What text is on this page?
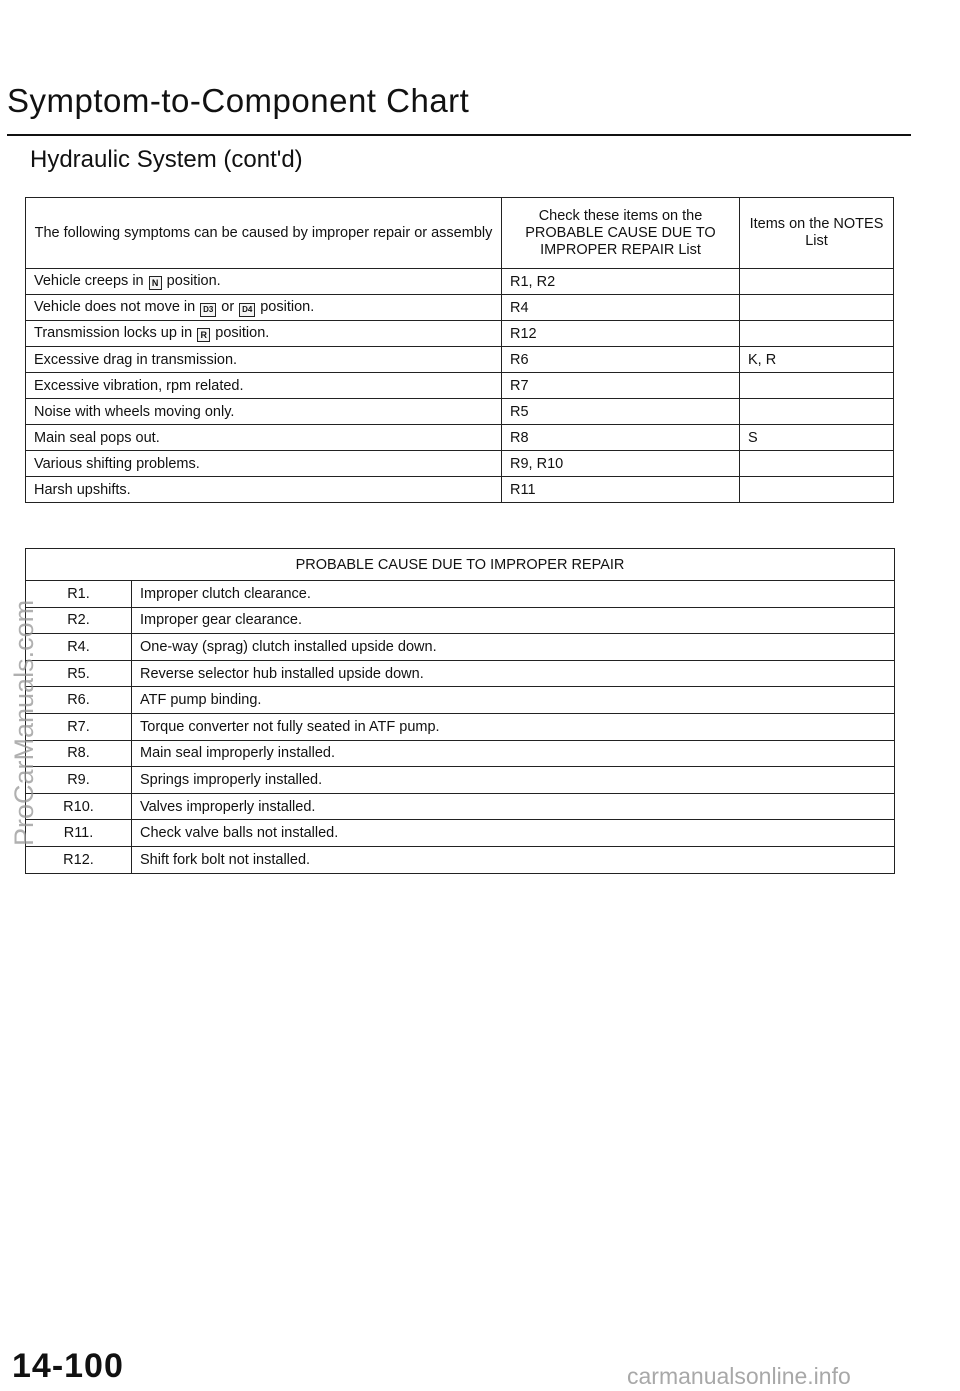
Symptom-to-Component Chart
Hydraulic System (cont'd)
The following symptoms can be caused by improper repair or assembly	Check these items on the PROBABLE CAUSE DUE TO IMPROPER REPAIR List	Items on the NOTES List
Vehicle creeps in N position.	R1, R2	
Vehicle does not move in D3 or D4 position.	R4	
Transmission locks up in R position.	R12	
Excessive drag in transmission.	R6	K, R
Excessive vibration, rpm related.	R7	
Noise with wheels moving only.	R5	
Main seal pops out.	R8	S
Various shifting problems.	R9, R10	
Harsh upshifts.	R11	
PROBABLE CAUSE DUE TO IMPROPER REPAIR	
R1.	Improper clutch clearance.
R2.	Improper gear clearance.
R4.	One-way (sprag) clutch installed upside down.
R5.	Reverse selector hub installed upside down.
R6.	ATF pump binding.
R7.	Torque converter not fully seated in ATF pump.
R8.	Main seal improperly installed.
R9.	Springs improperly installed.
R10.	Valves improperly installed.
R11.	Check valve balls not installed.
R12.	Shift fork bolt not installed.
ProCarManuals.com
14-100	carmanualsonline.info
